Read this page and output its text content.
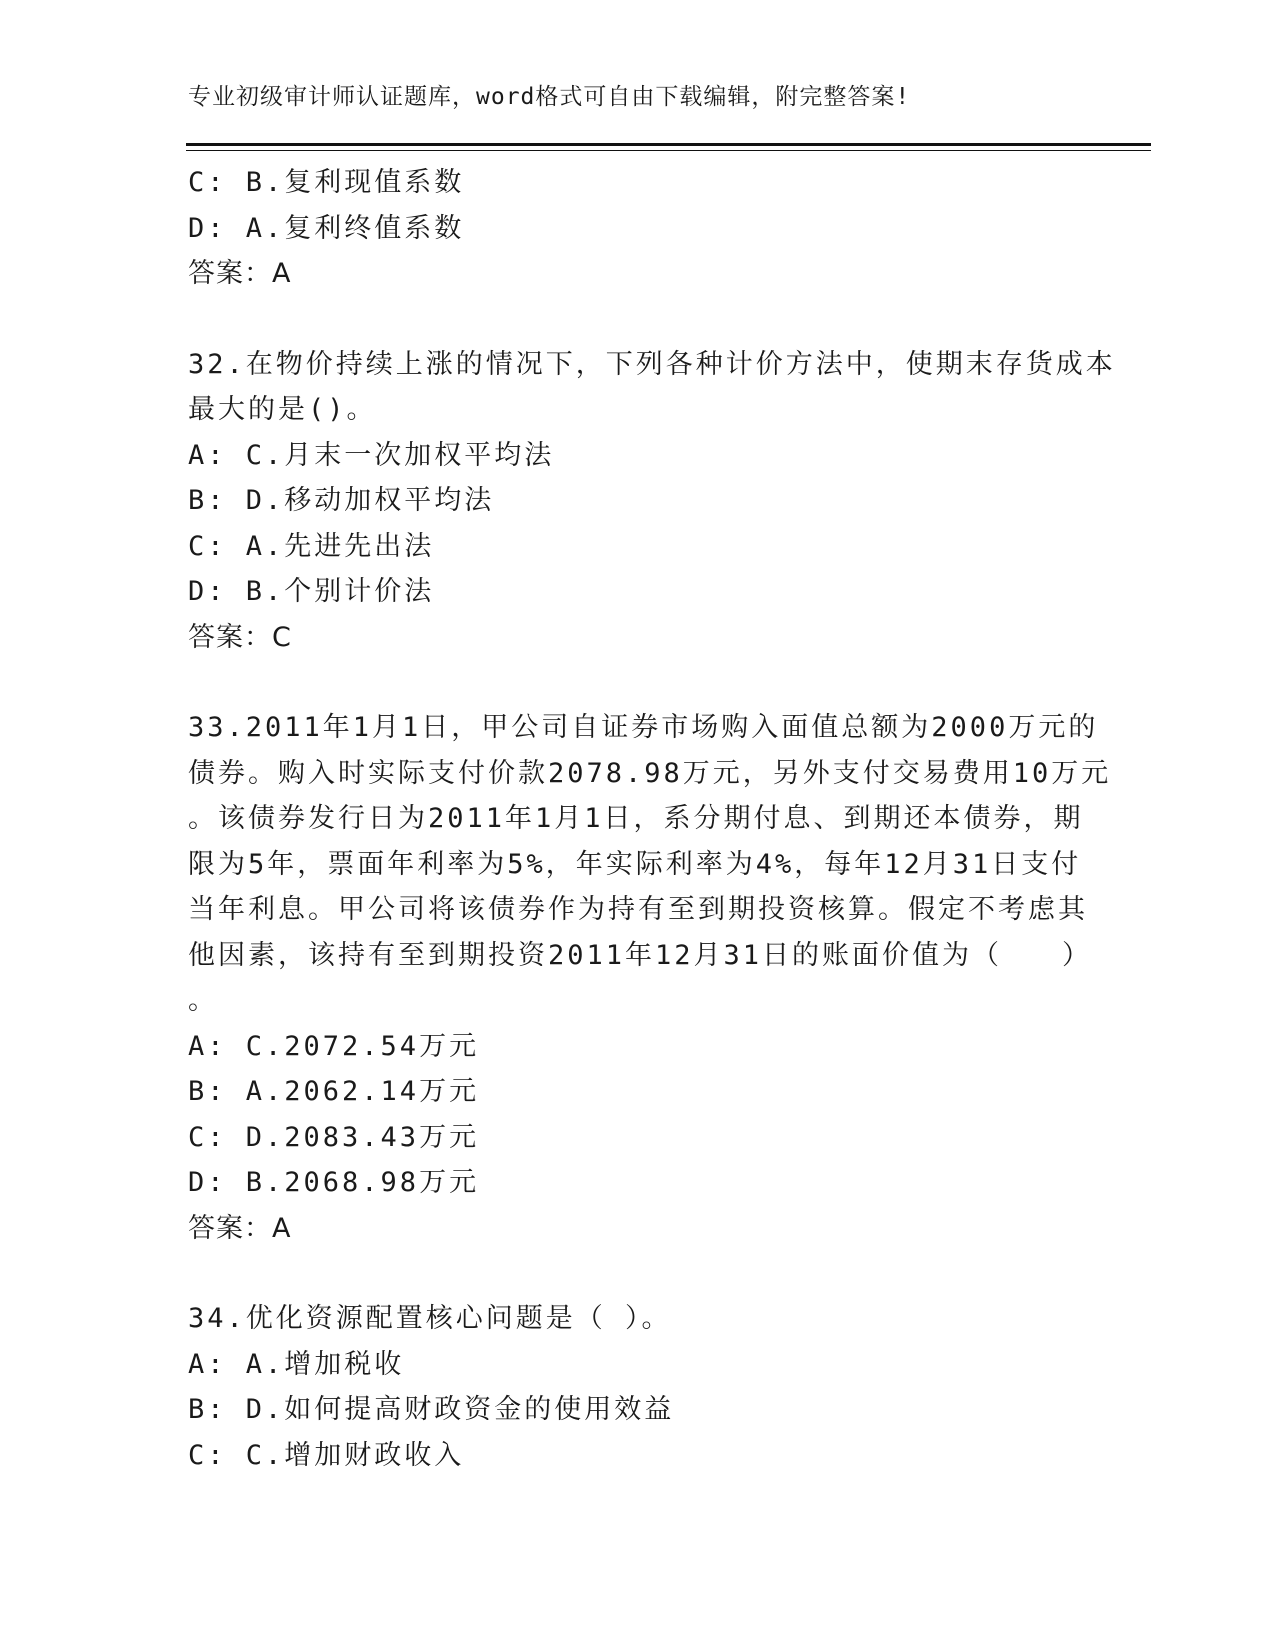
专业初级审计师认证题库，word格式可自由下载编辑，附完整答案!
C: B.复利现值系数
D: A.复利终值系数
答案：A
32.在物价持续上涨的情况下，下列各种计价方法中，使期末存货成本
最大的是()。
A: C.月末一次加权平均法
B: D.移动加权平均法
C: A.先进先出法
D: B.个别计价法
答案：C
33.2011年1月1日，甲公司自证券市场购入面值总额为2000万元的
债券。购入时实际支付价款2078.98万元，另外支付交易费用10万元
。该债券发行日为2011年1月1日，系分期付息、到期还本债券，期
限为5年，票面年利率为5%，年实际利率为4%，每年12月31日支付
当年利息。甲公司将该债券作为持有至到期投资核算。假定不考虑其
他因素，该持有至到期投资2011年12月31日的账面价值为（　　）
。
A: C.2072.54万元
B: A.2062.14万元
C: D.2083.43万元
D: B.2068.98万元
答案：A
34.优化资源配置核心问题是（ ）。
A: A.增加税收
B: D.如何提高财政资金的使用效益
C: C.增加财政收入
